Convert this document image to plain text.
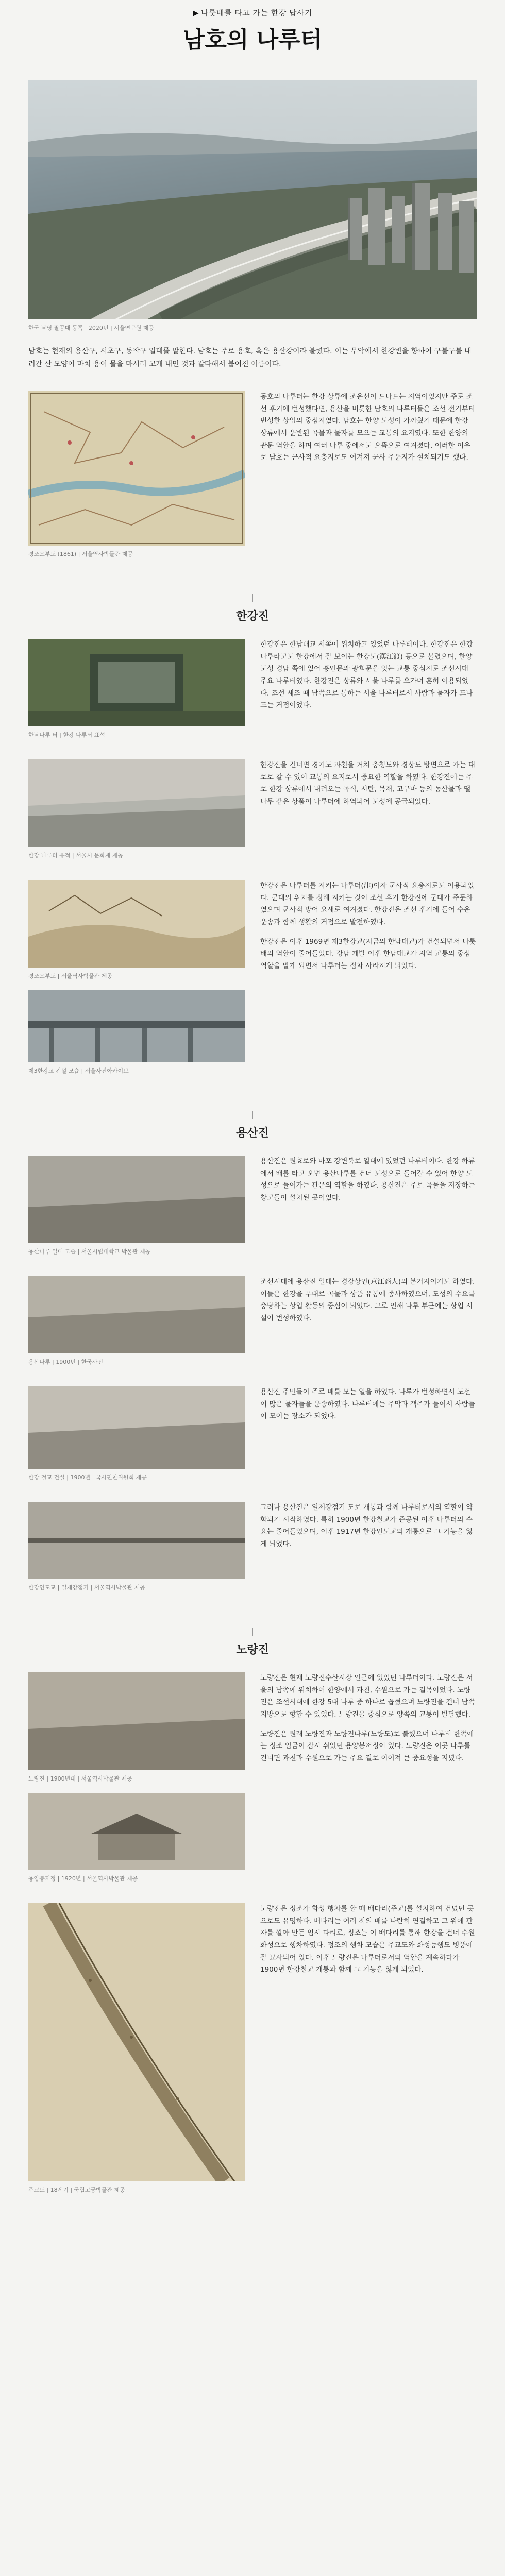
▶ 나룻배를 타고 가는 한강 답사기
남호의 나루터
한국 남영 팔공대 동쪽 | 2020년 | 서울연구원 제공

남호는 현재의 용산구, 서초구, 동작구 일대를 말한다. 남호는 주로 용호, 혹은 용산강이라 불렸다. 이는 무악에서 한강변을 향하여 구불구불 내려간 산 모양이 마치 용이 물을 마시러 고개 내민 것과 같다해서 붙여진 이름이다.

경조오부도 (1861) | 서울역사박물관 제공
동호의 나루터는 한강 상류에 조운선이 드나드는 지역이었지만 주로 조선 후기에 번성했다면, 용산을 비롯한 남호의 나루터들은 조선 전기부터 번성한 상업의 중심지였다. 남호는 한양 도성이 가까웠기 때문에 한강 상류에서 운반된 곡물과 물자를 모으는 교통의 요지였다. 또한 한양의 관문 역할을 하며 여러 나루 중에서도 으뜸으로 여겨졌다. 이러한 이유로 남호는 군사적 요충지로도 여겨져 군사 주둔지가 설치되기도 했다.
한강진
한남나루 터 | 한강 나루터 표석
한강진은 한남대교 서쪽에 위치하고 있었던 나루터이다. 한강진은 한강나루라고도 한강에서 잘 보이는 한강도(漢江渡) 등으로 불렸으며, 한양도성 경남 쪽에 있어 흥인문과 광희문을 잇는 교통 중심지로 조선시대 주요 나루터였다. 한강진은 상류와 서울 나루를 오가며 흔히 이용되었다. 조선 세조 때 남쪽으로 통하는 서울 나루터로서 사람과 물자가 드나드는 거점이었다.
한강 나루터 유적 | 서울시 문화재 제공
한강진을 건너면 경기도 과천을 거쳐 충청도와 경상도 방면으로 가는 대로로 갈 수 있어 교통의 요지로서 중요한 역할을 하였다. 한강진에는 주로 한강 상류에서 내려오는 곡식, 시탄, 목재, 고구마 등의 농산물과 땔나무 같은 상품이 나루터에 하역되어 도성에 공급되었다.
경조오부도 | 서울역사박물관 제공
제3한강교 건설 모습 | 서울사진아카이브

한강진은 나루터를 지키는 나루터(津)이자 군사적 요충지로도 이용되었다. 군대의 위치를 정해 지키는 것이 조선 후기 한강진에 군대가 주둔하였으며 군사적 방어 요새로 여겨졌다. 한강진은 조선 후기에 들어 수운 운송과 함께 생활의 거점으로 발전하였다.

한강진은 이후 1969년 제3한강교(지금의 한남대교)가 건설되면서 나룻배의 역할이 줄어들었다. 강남 개발 이후 한남대교가 지역 교통의 중심 역할을 맡게 되면서 나루터는 점차 사라지게 되었다.

용산진
용산나루 일대 모습 | 서울시립대학교 박물관 제공
용산진은 원효로와 마포 강변북로 일대에 있었던 나루터이다. 한강 하류에서 배를 타고 오면 용산나루를 건너 도성으로 들어갈 수 있어 한양 도성으로 들어가는 관문의 역할을 하였다. 용산진은 주로 곡물을 저장하는 창고들이 설치된 곳이었다.
용산나루 | 1900년 | 한국사진
조선시대에 용산진 일대는 경강상인(京江商人)의 본거지이기도 하였다. 이들은 한강을 무대로 곡물과 상품 유통에 종사하였으며, 도성의 수요를 충당하는 상업 활동의 중심이 되었다. 그로 인해 나루 부근에는 상업 시설이 번성하였다.
한강 철교 건설 | 1900년 | 국사편찬위원회 제공
용산진 주민들이 주로 배를 모는 일을 하였다. 나루가 번성하면서 도선이 많은 물자들을 운송하였다. 나루터에는 주막과 객주가 들어서 사람들이 모이는 장소가 되었다.
한강인도교 | 일제강점기 | 서울역사박물관 제공
그러나 용산진은 일제강점기 도로 개통과 함께 나루터로서의 역할이 약화되기 시작하였다. 특히 1900년 한강철교가 준공된 이후 나루터의 수요는 줄어들었으며, 이후 1917년 한강인도교의 개통으로 그 기능을 잃게 되었다.
노량진
노량진 | 1900년대 | 서울역사박물관 제공
용양봉저정 | 1920년 | 서울역사박물관 제공

노량진은 현재 노량진수산시장 인근에 있었던 나루터이다. 노량진은 서울의 남쪽에 위치하여 한양에서 과천, 수원으로 가는 길목이었다. 노량진은 조선시대에 한강 5대 나루 중 하나로 꼽혔으며 노량진을 건너 남쪽 지방으로 향할 수 있었다. 노량진을 중심으로 양쪽의 교통이 발달했다.

노량진은 원래 노량진과 노량진나루(노량도)로 불렸으며 나루터 한쪽에는 정조 임금이 잠시 쉬었던 용양봉저정이 있다. 노량진은 이곳 나루를 건너면 과천과 수원으로 가는 주요 길로 이어져 큰 중요성을 지녔다.

주교도 | 18세기 | 국립고궁박물관 제공
노량진은 정조가 화성 행차를 할 때 배다리(주교)를 설치하여 건넜던 곳으로도 유명하다. 배다리는 여러 척의 배를 나란히 연결하고 그 위에 판자를 깔아 만든 임시 다리로, 정조는 이 배다리를 통해 한강을 건너 수원 화성으로 행차하였다. 정조의 행차 모습은 주교도와 화성능행도 병풍에 잘 묘사되어 있다. 이후 노량진은 나루터로서의 역할을 계속하다가 1900년 한강철교 개통과 함께 그 기능을 잃게 되었다.
